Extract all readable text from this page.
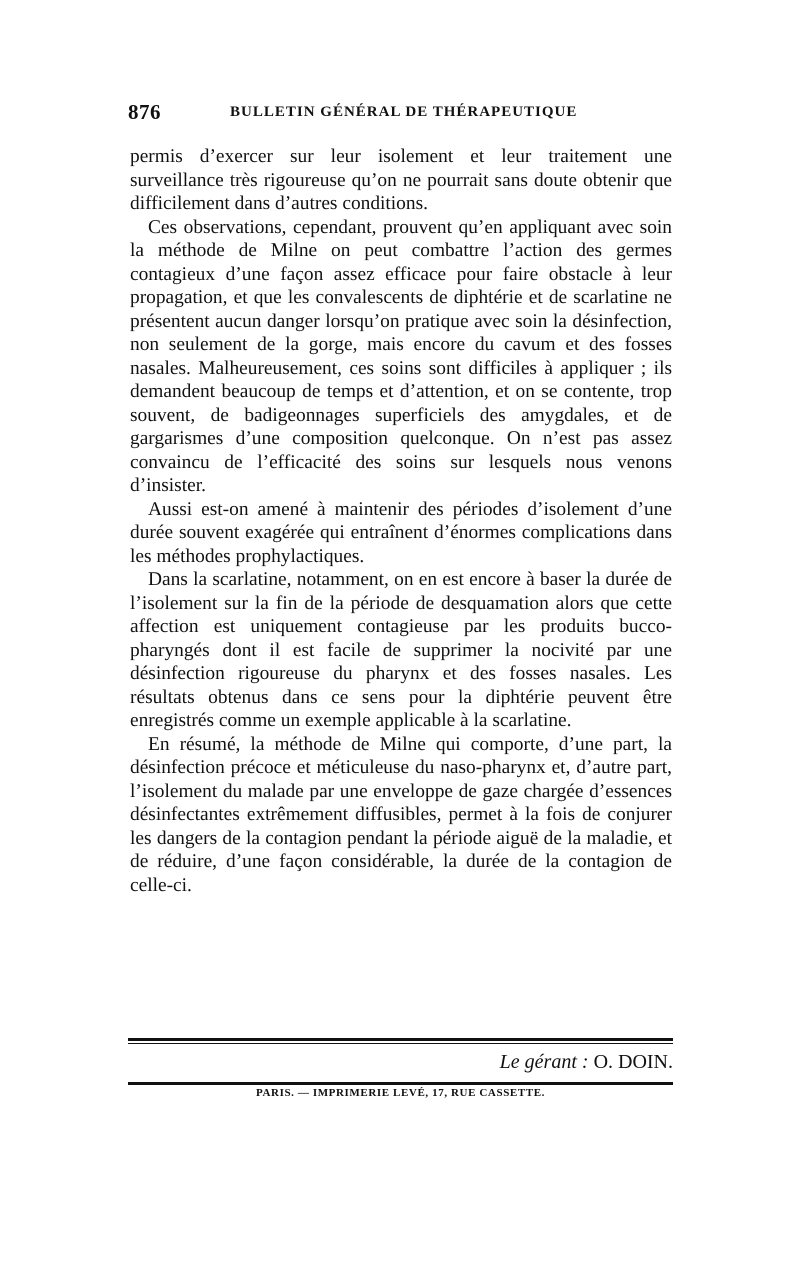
876	BULLETIN GÉNÉRAL DE THÉRAPEUTIQUE

permis d’exercer sur leur isolement et leur traitement une surveillance très rigoureuse qu’on ne pourrait sans doute obtenir que difficilement dans d’autres conditions.

Ces observations, cependant, prouvent qu’en appliquant avec soin la méthode de Milne on peut combattre l’action des germes contagieux d’une façon assez efficace pour faire obstacle à leur propagation, et que les convalescents de diphtérie et de scarlatine ne présentent aucun danger lorsqu’on pratique avec soin la désinfection, non seulement de la gorge, mais encore du cavum et des fosses nasales. Malheureusement, ces soins sont difficiles à appliquer ; ils demandent beaucoup de temps et d’attention, et on se contente, trop souvent, de badigeonnages superficiels des amygdales, et de gargarismes d’une composition quelconque. On n’est pas assez convaincu de l’efficacité des soins sur lesquels nous venons d’insister.

Aussi est-on amené à maintenir des périodes d’isolement d’une durée souvent exagérée qui entraînent d’énormes complications dans les méthodes prophylactiques.

Dans la scarlatine, notamment, on en est encore à baser la durée de l’isolement sur la fin de la période de desquamation alors que cette affection est uniquement contagieuse par les produits bucco-pharyngés dont il est facile de supprimer la nocivité par une désinfection rigoureuse du pharynx et des fosses nasales. Les résultats obtenus dans ce sens pour la diphtérie peuvent être enregistrés comme un exemple applicable à la scarlatine.

En résumé, la méthode de Milne qui comporte, d’une part, la désinfection précoce et méticuleuse du naso-pharynx et, d’autre part, l’isolement du malade par une enveloppe de gaze chargée d’essences désinfectantes extrêmement diffusibles, permet à la fois de conjurer les dangers de la contagion pendant la période aiguë de la maladie, et de réduire, d’une façon considérable, la durée de la contagion de celle-ci.

Le gérant : O. DOIN.
PARIS. — IMPRIMERIE LEVÉ, 17, RUE CASSETTE.
